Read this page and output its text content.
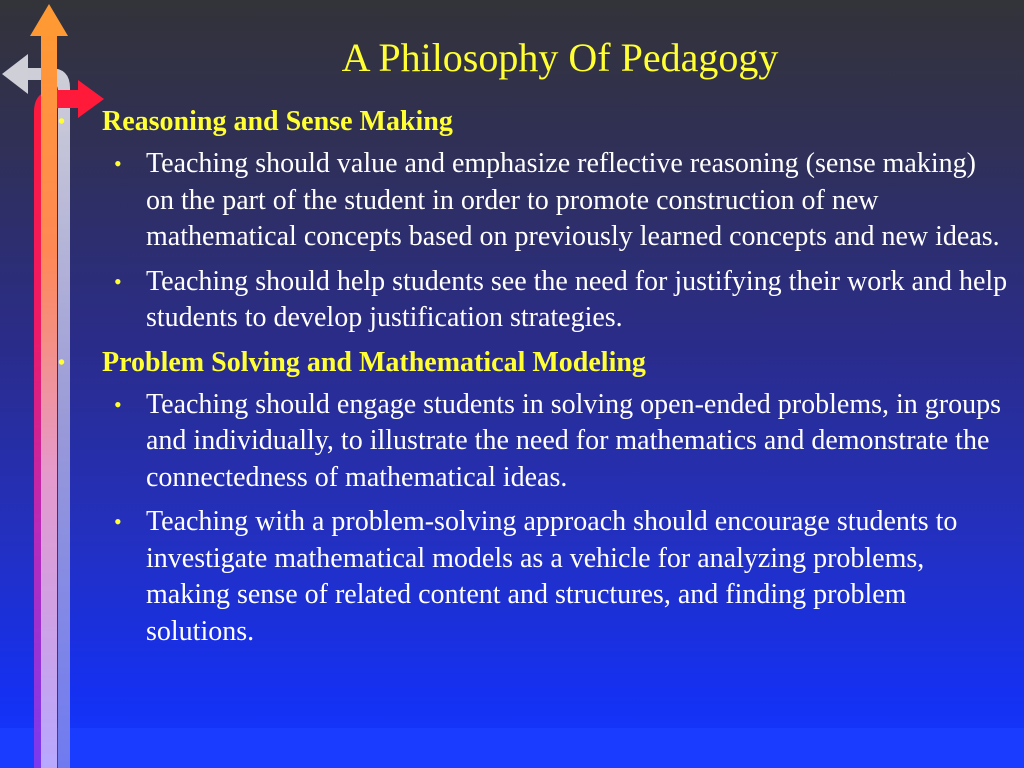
A Philosophy Of Pedagogy

• Reasoning and Sense Making

• Teaching should value and emphasize reflective reasoning (sense making) on the part of the student in order to promote construction of new mathematical concepts based on previously learned concepts and new ideas.
• Teaching should help students see the need for justifying their work and help students to develop justification strategies.

• Problem Solving and Mathematical Modeling

• Teaching should engage students in solving open-ended problems, in groups and individually, to illustrate the need for mathematics and demonstrate the connectedness of mathematical ideas.
• Teaching with a problem-solving approach should encourage students to investigate mathematical models as a vehicle for analyzing problems, making sense of related content and structures, and finding problem solutions.
